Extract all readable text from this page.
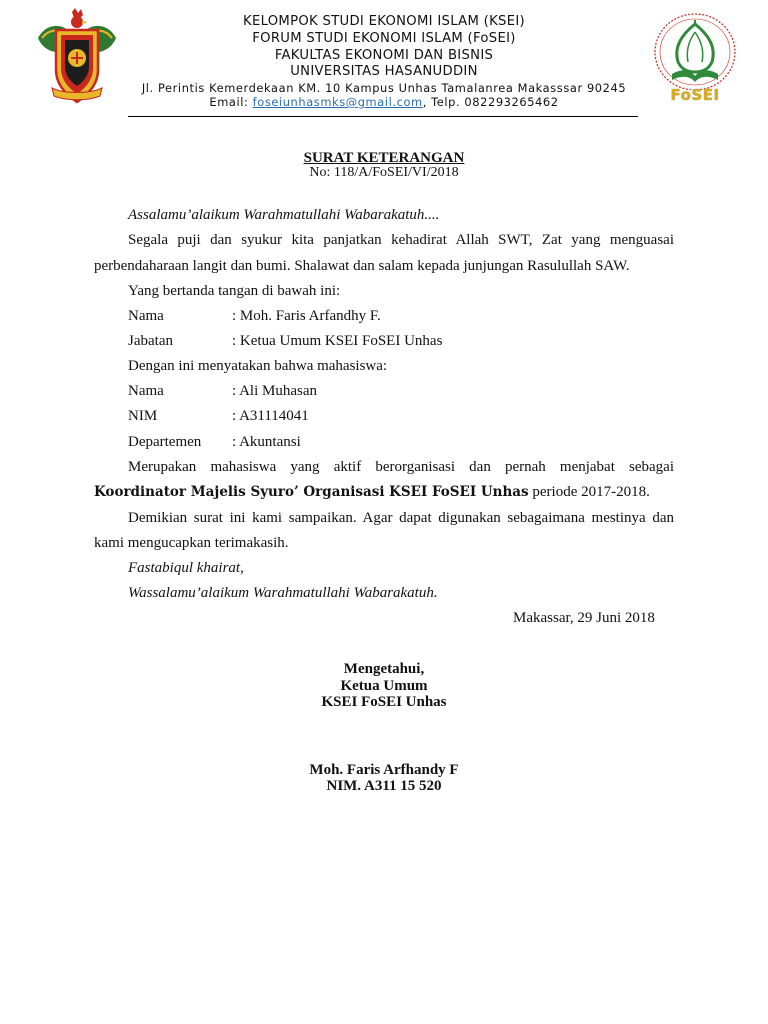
KELOMPOK STUDI EKONOMI ISLAM (KSEI)
FORUM STUDI EKONOMI ISLAM (FoSEI)
FAKULTAS EKONOMI DAN BISNIS
UNIVERSITAS HASANUDDIN
Jl. Perintis Kemerdekaan KM. 10 Kampus Unhas Tamalanrea Makasssar 90245
Email: foseiunhasmks@gmail.com, Telp. 082293265462	FoSEI
SURAT KETERANGAN
No: 118/A/FoSEI/VI/2018
Assalamu’alaikum Warahmatullahi Wabarakatuh....
Segala puji dan syukur kita panjatkan kehadirat Allah SWT, Zat yang menguasai
perbendaharaan langit dan bumi. Shalawat dan salam kepada junjungan Rasulullah SAW.
Yang bertanda tangan di bawah ini:
Nama	: Moh. Faris Arfandhy F.
Jabatan	: Ketua Umum KSEI FoSEI Unhas
Dengan ini menyatakan bahwa mahasiswa:
Nama	: Ali Muhasan
NIM	: A31114041
Departemen : Akuntansi
Merupakan mahasiswa yang aktif berorganisasi dan pernah menjabat sebagai
Koordinator Majelis Syuro’ Organisasi KSEI FoSEI Unhas periode 2017-2018.
Demikian surat ini kami sampaikan. Agar dapat digunakan sebagaimana mestinya dan
kami mengucapkan terimakasih.
Fastabiqul khairat,
Wassalamu’alaikum Warahmatullahi Wabarakatuh.
Makassar, 29 Juni 2018
Mengetahui,
Ketua Umum
KSEI FoSEI Unhas
Moh. Faris Arfhandy F
NIM. A311 15 520
